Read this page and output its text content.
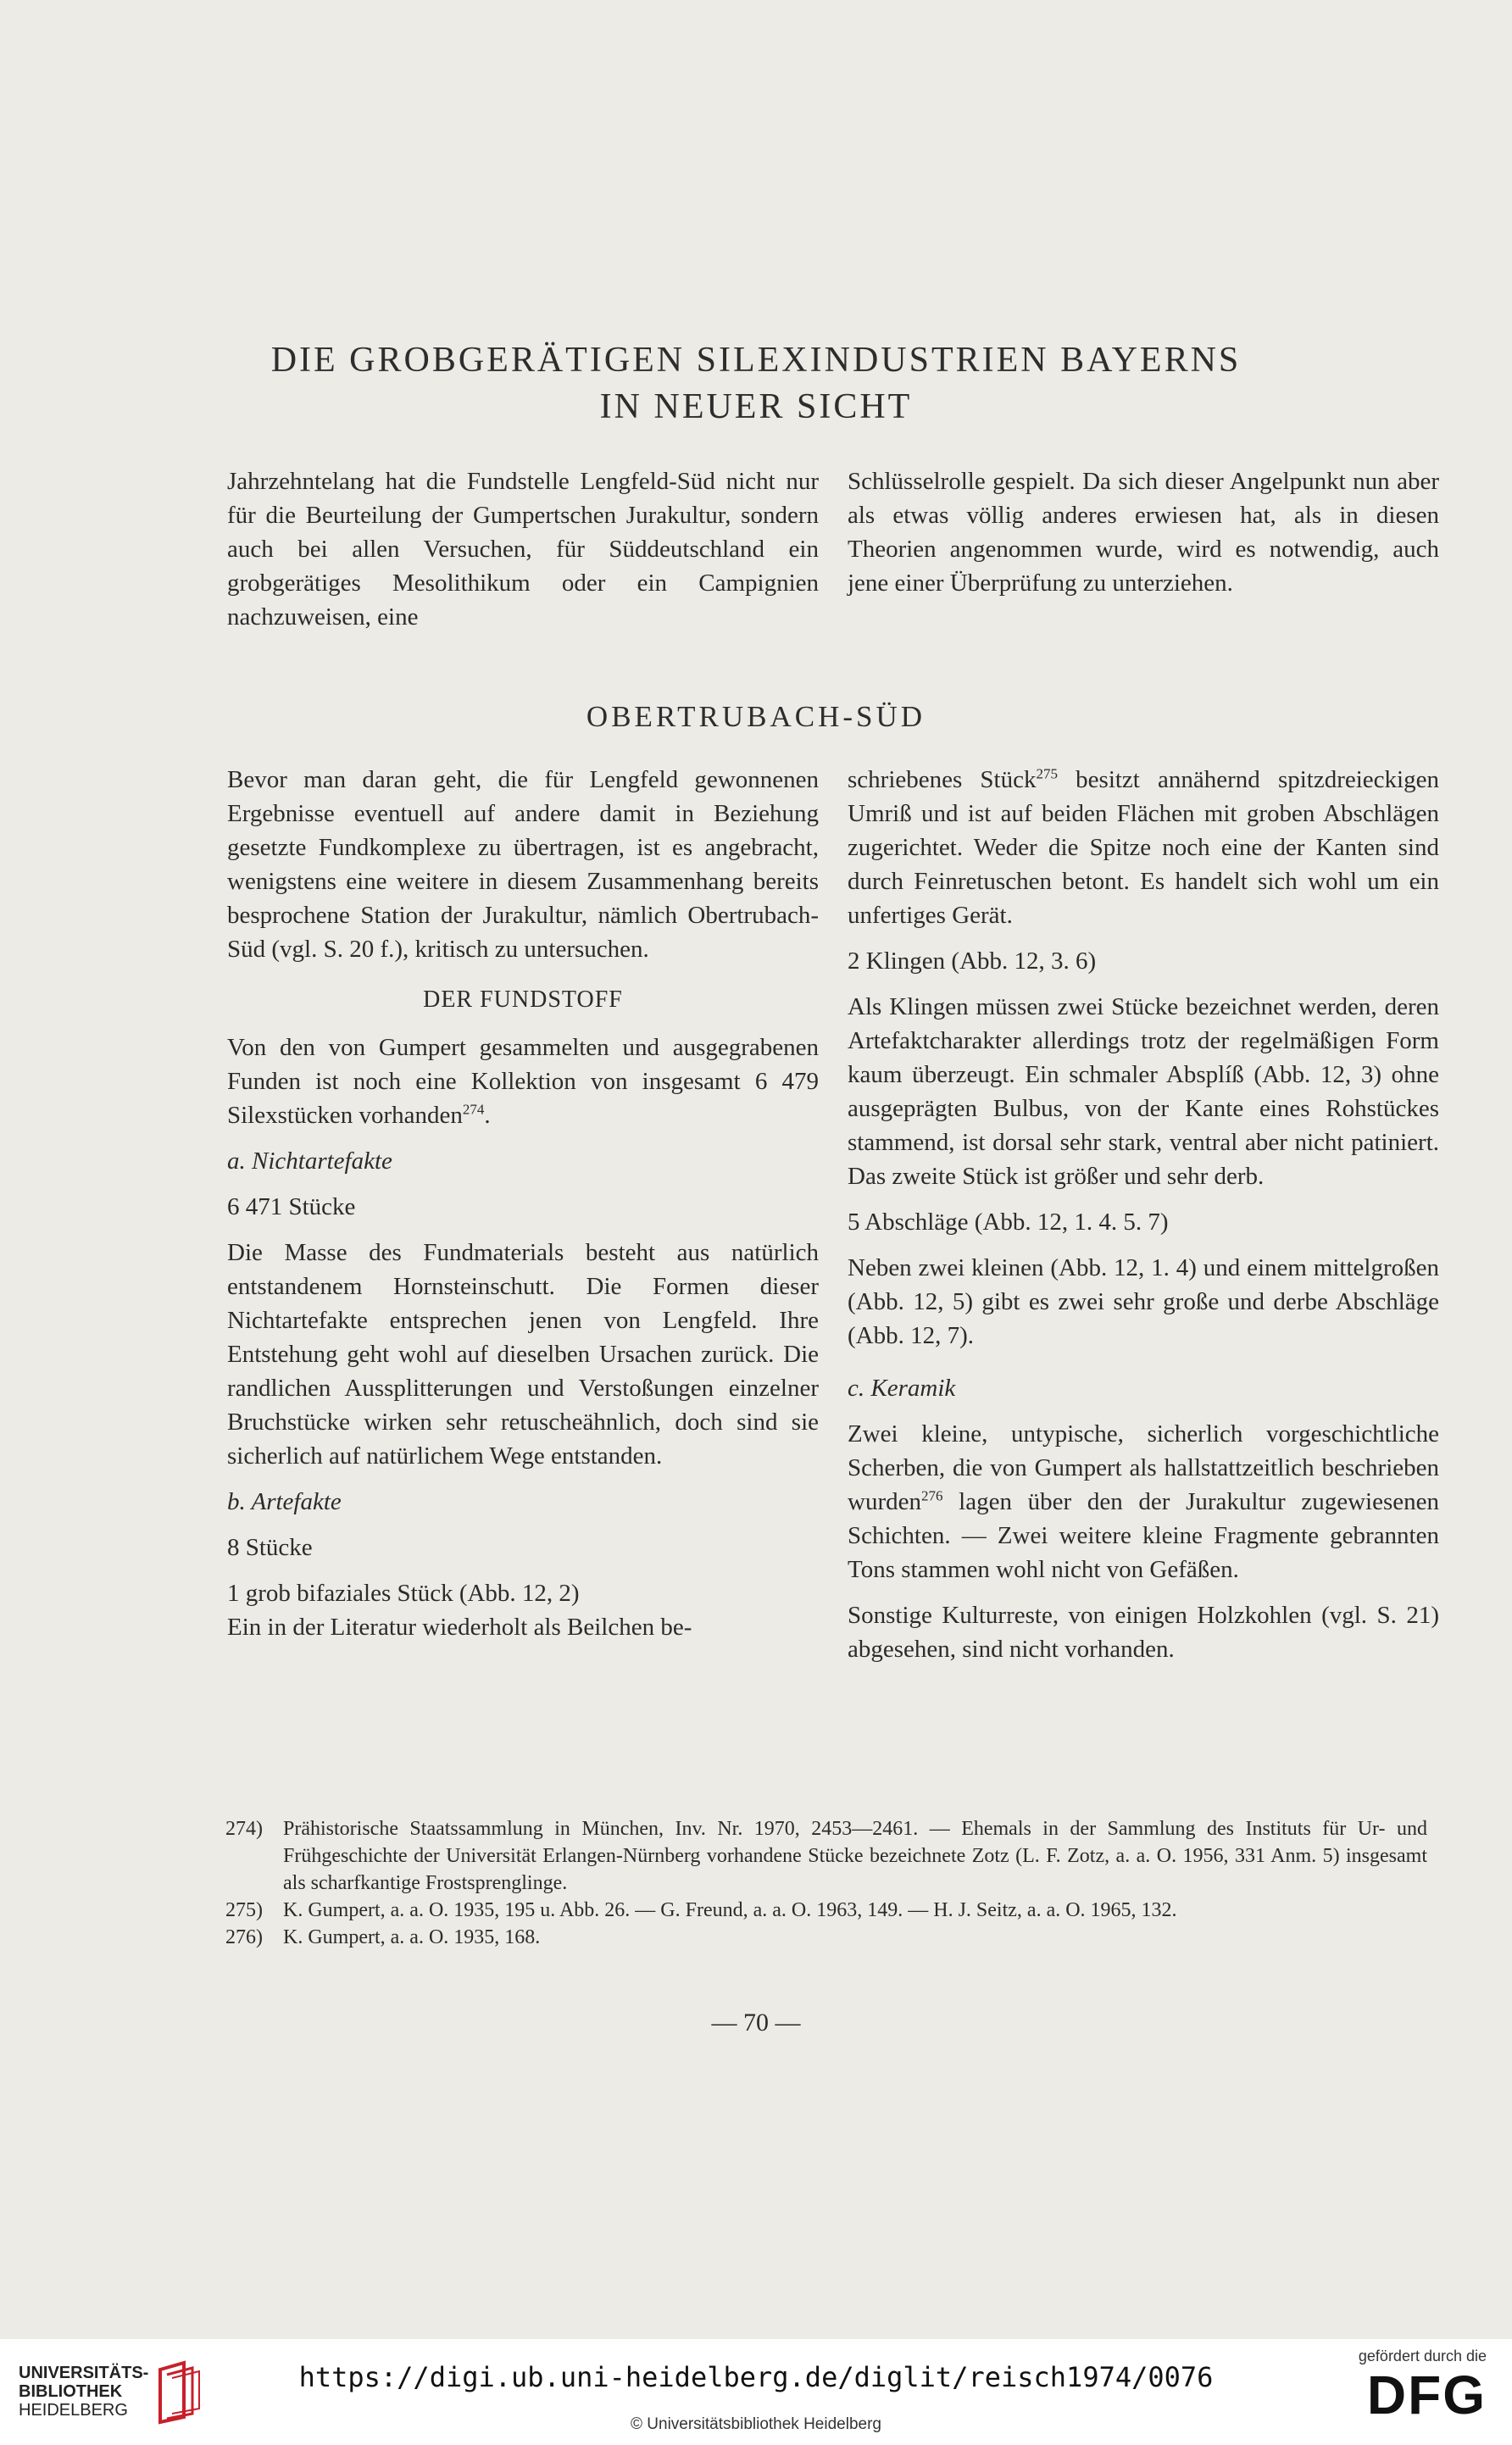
DIE GROBGERÄTIGEN SILEXINDUSTRIEN BAYERNS
IN NEUER SICHT

Jahrzehntelang hat die Fundstelle Lengfeld-Süd nicht nur für die Beurteilung der Gumpertschen Jurakultur, sondern auch bei allen Versuchen, für Süddeutschland ein grobgerätiges Mesolithikum oder ein Campignien nachzuweisen, eine

Schlüsselrolle gespielt. Da sich dieser Angelpunkt nun aber als etwas völlig anderes erwiesen hat, als in diesen Theorien angenommen wurde, wird es notwendig, auch jene einer Überprüfung zu unterziehen.

OBERTRUBACH-SÜD

Bevor man daran geht, die für Lengfeld gewonnenen Ergebnisse eventuell auf andere damit in Beziehung gesetzte Fundkomplexe zu übertragen, ist es angebracht, wenigstens eine weitere in diesem Zusammenhang bereits besprochene Station der Jurakultur, nämlich Obertrubach-Süd (vgl. S. 20 f.), kritisch zu untersuchen.

DER FUNDSTOFF

Von den von Gumpert gesammelten und ausgegrabenen Funden ist noch eine Kollektion von insgesamt 6 479 Silexstücken vorhanden$^{274}$.

a. Nichtartefakte

6 471 Stücke

Die Masse des Fundmaterials besteht aus natürlich entstandenem Hornsteinschutt. Die Formen dieser Nichtartefakte entsprechen jenen von Lengfeld. Ihre Entstehung geht wohl auf dieselben Ursachen zurück. Die randlichen Aussplitterungen und Verstoßungen einzelner Bruchstücke wirken sehr retuscheähnlich, doch sind sie sicherlich auf natürlichem Wege entstanden.

b. Artefakte

8 Stücke

1 grob bifaziales Stück (Abb. 12, 2)

Ein in der Literatur wiederholt als Beilchen be-

schriebenes Stück$^{275}$ besitzt annähernd spitzdreieckigen Umriß und ist auf beiden Flächen mit groben Abschlägen zugerichtet. Weder die Spitze noch eine der Kanten sind durch Feinretuschen betont. Es handelt sich wohl um ein unfertiges Gerät.

2 Klingen (Abb. 12, 3. 6)

Als Klingen müssen zwei Stücke bezeichnet werden, deren Artefaktcharakter allerdings trotz der regelmäßigen Form kaum überzeugt. Ein schmaler Absplíß (Abb. 12, 3) ohne ausgeprägten Bulbus, von der Kante eines Rohstückes stammend, ist dorsal sehr stark, ventral aber nicht patiniert. Das zweite Stück ist größer und sehr derb.

5 Abschläge (Abb. 12, 1. 4. 5. 7)

Neben zwei kleinen (Abb. 12, 1. 4) und einem mittelgroßen (Abb. 12, 5) gibt es zwei sehr große und derbe Abschläge (Abb. 12, 7).

c. Keramik

Zwei kleine, untypische, sicherlich vorgeschichtliche Scherben, die von Gumpert als hallstattzeitlich beschrieben wurden$^{276}$ lagen über den der Jurakultur zugewiesenen Schichten. — Zwei weitere kleine Fragmente gebrannten Tons stammen wohl nicht von Gefäßen.

Sonstige Kulturreste, von einigen Holzkohlen (vgl. S. 21) abgesehen, sind nicht vorhanden.

274)	Prähistorische Staatssammlung in München, Inv. Nr. 1970, 2453—2461. — Ehemals in der Sammlung des Instituts für Ur- und Frühgeschichte der Universität Erlangen-Nürnberg vorhandene Stücke bezeichnete Zotz (L. F. Zotz, a. a. O. 1956, 331 Anm. 5) insgesamt als scharfkantige Frostsprenglinge.
275)	K. Gumpert, a. a. O. 1935, 195 u. Abb. 26. — G. Freund, a. a. O. 1963, 149. — H. J. Seitz, a. a. O. 1965, 132.
276)	K. Gumpert, a. a. O. 1935, 168.
— 70 —
UNIVERSITÄTS-
BIBLIOTHEK
HEIDELBERG
https://digi.ub.uni-heidelberg.de/diglit/reisch1974/0076
© Universitätsbibliothek Heidelberg
gefördert durch die
DFG
